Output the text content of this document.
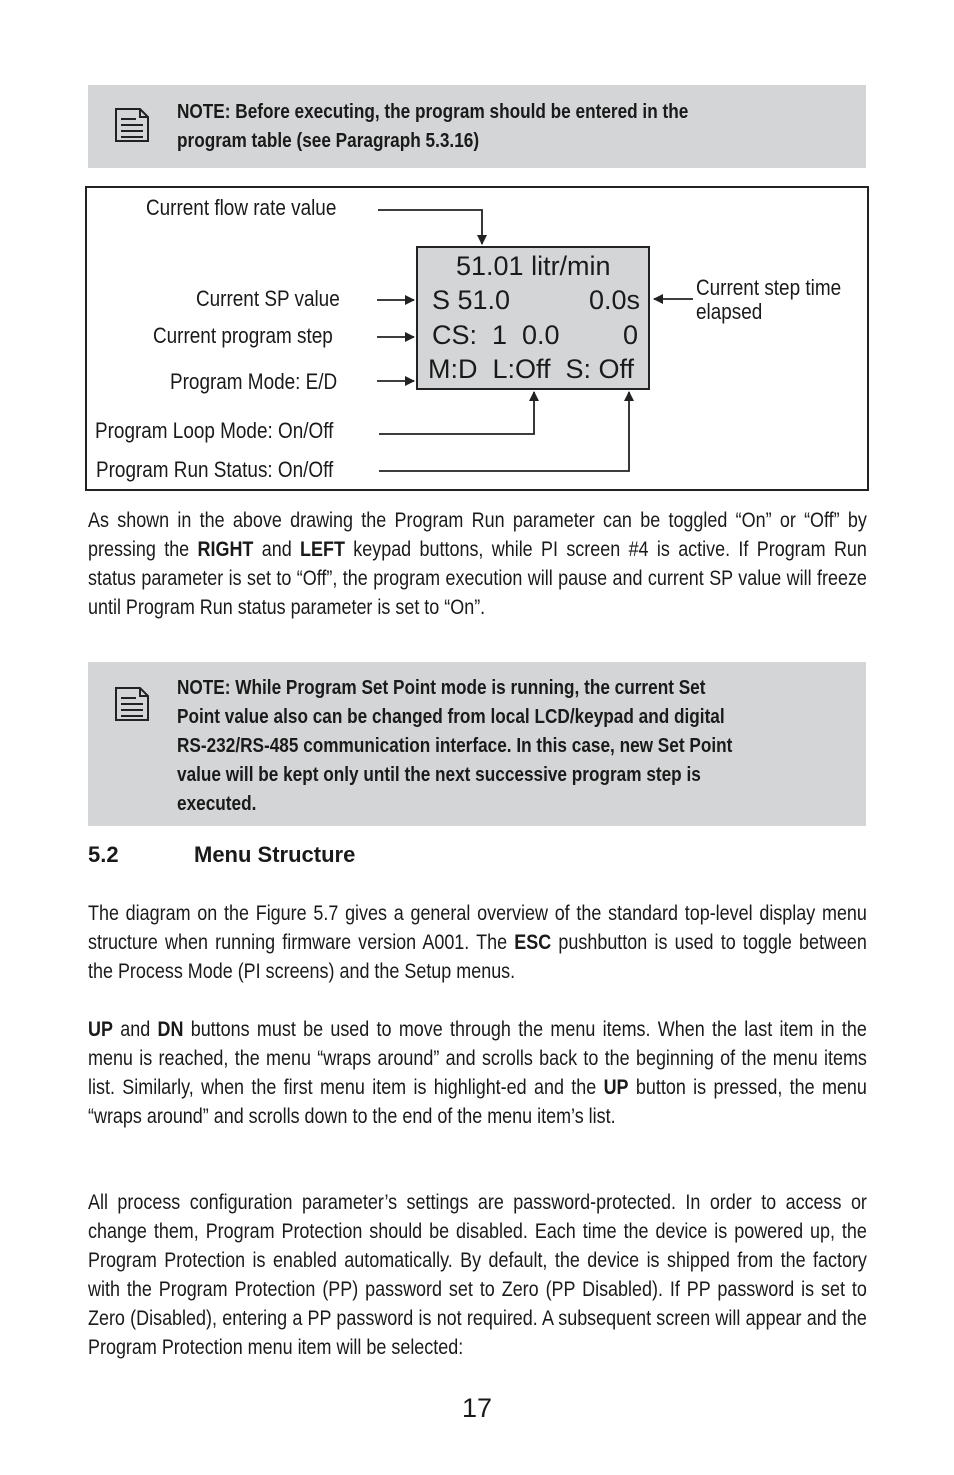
NOTE: Before executing, the program should be entered in the
program table (see Paragraph 5.3.16)
Current flow rate value
Current SP value
Current program step
Program Mode: E/D
Program Loop Mode: On/Off
Program Run Status: On/Off
Current step time
elapsed
51.01 litr/min
S 51.0	0.0s
CS:  1  0.0 0
M:D  L:Off  S: Off
As shown in the above drawing the Program Run parameter can be toggled “On” or “Off” by pressing the RIGHT and LEFT keypad buttons, while PI screen #4 is active. If Program Run status parameter is set to “Off”, the program execution will pause and current SP value will freeze until Program Run status parameter is set to “On”.
NOTE: While Program Set Point mode is running, the current Set
Point value also can be changed from local LCD/keypad and digital
RS-232/RS-485 communication interface. In this case, new Set Point
value will be kept only until the next successive program step is
executed.
5.2	Menu Structure
The diagram on the Figure 5.7 gives a general overview of the standard top-level display menu structure when running firmware version A001. The ESC pushbutton is used to toggle between the Process Mode (PI screens) and the Setup menus.
UP and DN buttons must be used to move through the menu items. When the last item in the menu is reached, the menu “wraps around” and scrolls back to the beginning of the menu items list. Similarly, when the first menu item is highlight-ed and the UP button is pressed, the menu “wraps around” and scrolls down to the end of the menu item’s list.
All process configuration parameter’s settings are password-protected. In order to access or change them, Program Protection should be disabled. Each time the device is powered up, the Program Protection is enabled automatically. By default, the device is shipped from the factory with the Program Protection (PP) password set to Zero (PP Disabled). If PP password is set to Zero (Disabled), entering a PP password is not required. A subsequent screen will appear and the Program Protection menu item will be selected:
17
